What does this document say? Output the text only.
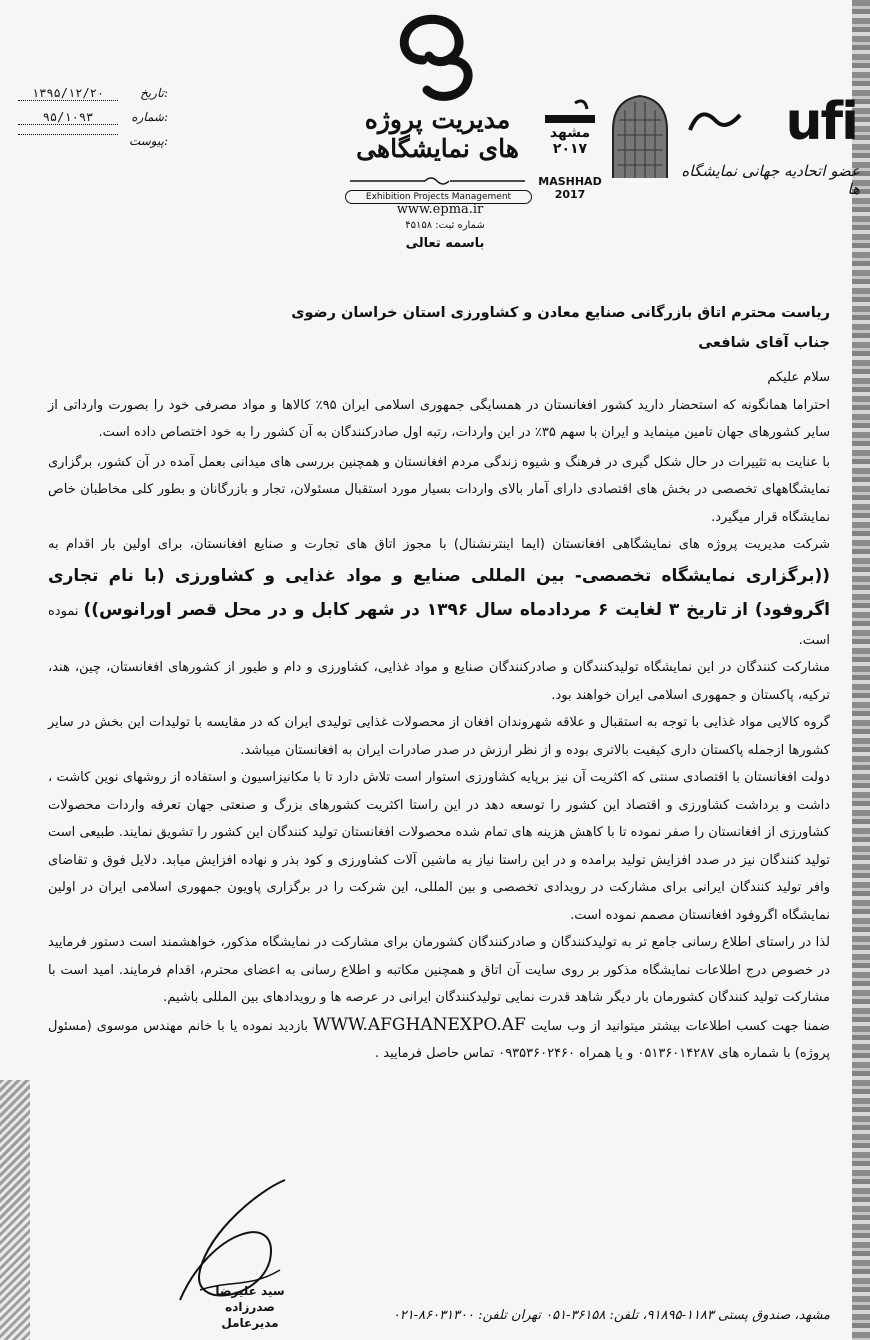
۱۳۹۵/۱۲/۲۰	تاریخ:
۹۵/۱۰۹۳	شماره:
پیوست:
مدیریت پروژه های نمایشگاهی
Exhibition Projects Management
www.epma.ir
شماره ثبت: ۴۵۱۵۸
باسمه تعالی
مشهد ۲۰۱۷
MASHHAD 2017
ufi
عضو اتحادیه جهانی نمایشگاه ها

ریاست محترم اتاق بازرگانی صنایع معادن و کشاورزی استان خراسان رضوی
جناب آقای شافعی

سلام علیکم

احتراما همانگونه که استحضار دارید کشور افغانستان در همسایگی جمهوری اسلامی ایران ۹۵٪ کالاها و مواد مصرفی خود را بصورت وارداتی از سایر کشورهای جهان تامین مینماید و ایران با سهم ۳۵٪ در این واردات، رتبه اول صادرکنندگان به آن کشور را به خود اختصاص داده است.

با عنایت به تثییرات در حال شکل گیری در فرهنگ و شیوه زندگی مردم افغانستان و همچنین بررسی های میدانی بعمل آمده در آن کشور، برگزاری نمایشگاههای تخصصی در بخش های اقتصادی دارای آمار بالای واردات بسیار مورد استقبال مسئولان، تجار و بازرگانان و بطور کلی مخاطبان خاص نمایشگاه قرار میگیرد.

شرکت مدیریت پروژه های نمایشگاهی افغانستان (ایما اینترنشنال) با مجوز اتاق های تجارت و صنایع افغانستان، برای اولین بار اقدام به ((برگزاری نمایشگاه تخصصی- بین المللی صنایع و مواد غذایی و کشاورزی (با نام تجاری اگروفود) از تاریخ ۳ لغایت ۶ مردادماه سال ۱۳۹۶ در شهر کابل و در محل قصر اورانوس)) نموده است.

مشارکت کنندگان در این نمایشگاه تولیدکنندگان و صادرکنندگان صنایع و مواد غذایی، کشاورزی و دام و طیور از کشورهای افغانستان، چین، هند، ترکیه، پاکستان و جمهوری اسلامی ایران خواهند بود.

گروه کالایی مواد غذایی با توجه به استقبال و علاقه شهروندان افغان از محصولات غذایی تولیدی ایران که در مقایسه با تولیدات این بخش در سایر کشورها ازجمله پاکستان داری کیفیت بالاتری بوده و از نظر ارزش در صدر صادرات ایران به افغانستان میباشد.

دولت افغانستان با اقتصادی سنتی که اکثریت آن نیز برپایه کشاورزی استوار است تلاش دارد تا با مکانیزاسیون و استفاده از روشهای نوین کاشت ، داشت و برداشت کشاورزی و اقتصاد این کشور را توسعه دهد در این راستا اکثریت کشورهای بزرگ و صنعتی جهان تعرفه واردات محصولات کشاورزی از افغانستان را صفر نموده تا با کاهش هزینه های تمام شده محصولات افغانستان تولید کنندگان این کشور را تشویق نمایند. طبیعی است تولید کنندگان نیز در صدد افزایش تولید برامده و در این راستا نیاز به ماشین آلات کشاورزی و کود بذر و نهاده افزایش میابد. دلایل فوق و تقاضای وافر تولید کنندگان ایرانی برای مشارکت در رویدادی تخصصی و بین المللی، این شرکت را در برگزاری پاویون جمهوری اسلامی ایران در اولین نمایشگاه اگروفود افغانستان مصمم نموده است.

لذا در راستای اطلاع رسانی جامع تر به تولیدکنندگان و صادرکنندگان کشورمان برای مشارکت در نمایشگاه مذکور، خواهشمند است دستور فرمایید در خصوص درج اطلاعات نمایشگاه مذکور بر روی سایت آن اتاق و همچنین مکاتبه و اطلاع رسانی به اعضای محترم، اقدام فرمایند. امید است با مشارکت تولید کنندگان کشورمان بار دیگر شاهد قدرت نمایی تولیدکنندگان ایرانی در عرصه ها و رویدادهای بین المللی باشیم.

ضمنا جهت کسب اطلاعات بیشتر میتوانید از وب سایت WWW.AFGHANEXPO.AF بازدید نموده یا با خانم مهندس موسوی (مسئول پروژه) با شماره های ۰۵۱۳۶۰۱۴۲۸۷ و یا همراه ۰۹۳۵۳۶۰۲۴۶۰ تماس حاصل فرمایید .

سید علیرضا صدرزاده
مدیرعامل	مشهد، صندوق پستی ۱۱۸۳-۹۱۸۹۵، تلفن: ۳۶۱۵۸-۰۵۱ تهران تلفن: ۸۶۰۳۱۳۰۰-۰۲۱
